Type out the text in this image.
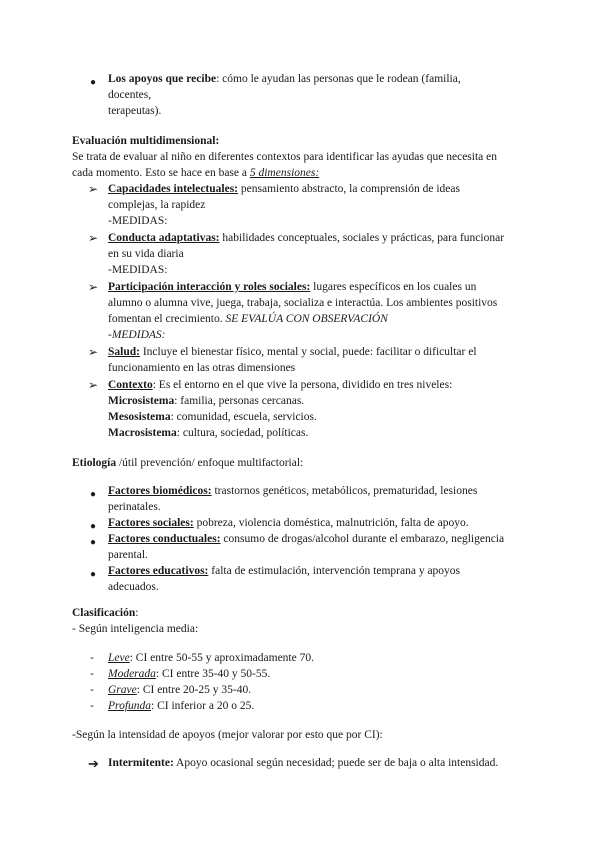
● Los apoyos que recibe: cómo le ayudan las personas que le rodean (familia,
docentes,
terapeutas).
Evaluación multidimensional:
Se trata de evaluar al niño en diferentes contextos para identificar las ayudas que necesita en
cada momento. Esto se hace en base a 5 dimensiones:
➢ Capacidades intelectuales: pensamiento abstracto, la comprensión de ideas
complejas, la rapidez
-MEDIDAS:
➢ Conducta adaptativas: habilidades conceptuales, sociales y prácticas, para funcionar
en su vida diaria
-MEDIDAS:
➢ Participación interacción y roles sociales: lugares específicos en los cuales un
alumno o alumna vive, juega, trabaja, socializa e interactúa. Los ambientes positivos
fomentan el crecimiento. SE EVALÚA CON OBSERVACIÓN
-MEDIDAS:
➢ Salud: Incluye el bienestar físico, mental y social, puede: facilitar o dificultar el
funcionamiento en las otras dimensiones
➢ Contexto: Es el entorno en el que vive la persona, dividido en tres niveles:
Microsistema: familia, personas cercanas.
Mesosistema: comunidad, escuela, servicios.
Macrosistema: cultura, sociedad, políticas.
Etiología /útil prevención/ enfoque multifactorial:
● Factores biomédicos: trastornos genéticos, metabólicos, prematuridad, lesiones
perinatales.
● Factores sociales: pobreza, violencia doméstica, malnutrición, falta de apoyo.
● Factores conductuales: consumo de drogas/alcohol durante el embarazo, negligencia
parental.
● Factores educativos: falta de estimulación, intervención temprana y apoyos
adecuados.
Clasificación:
- Según inteligencia media:
- Leve: CI entre 50-55 y aproximadamente 70.
- Moderada: CI entre 35-40 y 50-55.
- Grave: CI entre 20-25 y 35-40.
- Profunda: CI inferior a 20 o 25.
-Según la intensidad de apoyos (mejor valorar por esto que por CI):
➔ Intermitente: Apoyo ocasional según necesidad; puede ser de baja o alta intensidad.
